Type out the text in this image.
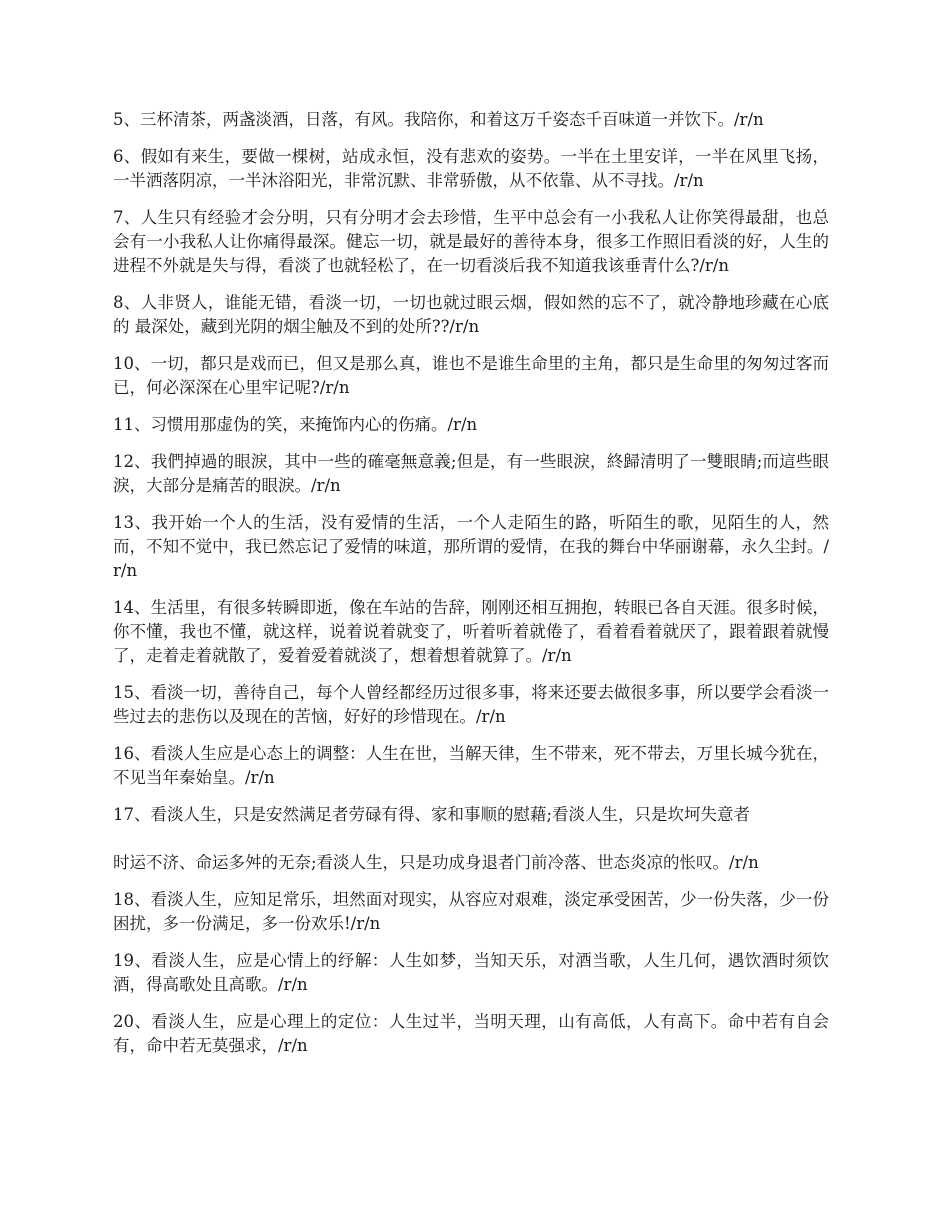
5、三杯清茶，两盏淡酒，日落，有风。我陪你，和着这万千姿态千百味道一并饮下。/r/n

6、假如有来生，要做一棵树，站成永恒，没有悲欢的姿势。一半在土里安详，一半在风里飞扬，一半洒落阴凉，一半沐浴阳光，非常沉默、非常骄傲，从不依靠、从不寻找。/r/n

7、人生只有经验才会分明，只有分明才会去珍惜，生平中总会有一小我私人让你笑得最甜，也总会有一小我私人让你痛得最深。健忘一切，就是最好的善待本身，很多工作照旧看淡的好，人生的进程不外就是失与得，看淡了也就轻松了，在一切看淡后我不知道我该垂青什么?/r/n

8、人非贤人，谁能无错，看淡一切，一切也就过眼云烟，假如然的忘不了，就冷静地珍藏在心底的 最深处，藏到光阴的烟尘触及不到的处所??/r/n

10、一切，都只是戏而已，但又是那么真，谁也不是谁生命里的主角，都只是生命里的匆匆过客而已，何必深深在心里牢记呢?/r/n

11、习惯用那虚伪的笑，来掩饰内心的伤痛。/r/n

12、我們掉過的眼淚，其中一些的確毫無意義;但是，有一些眼淚，終歸清明了一雙眼睛;而這些眼淚，大部分是痛苦的眼淚。/r/n

13、我开始一个人的生活，没有爱情的生活，一个人走陌生的路，听陌生的歌，见陌生的人，然而，不知不觉中，我已然忘记了爱情的味道，那所谓的爱情，在我的舞台中华丽谢幕，永久尘封。/r/n

14、生活里，有很多转瞬即逝，像在车站的告辞，刚刚还相互拥抱，转眼已各自天涯。很多时候，你不懂，我也不懂，就这样，说着说着就变了，听着听着就倦了，看着看着就厌了，跟着跟着就慢了，走着走着就散了，爱着爱着就淡了，想着想着就算了。/r/n

15、看淡一切，善待自己，每个人曾经都经历过很多事，将来还要去做很多事，所以要学会看淡一些过去的悲伤以及现在的苦恼，好好的珍惜现在。/r/n

16、看淡人生应是心态上的调整：人生在世，当解天律，生不带来，死不带去，万里长城今犹在，不见当年秦始皇。/r/n

17、看淡人生，只是安然满足者劳碌有得、家和事顺的慰藉;看淡人生，只是坎坷失意者

时运不济、命运多舛的无奈;看淡人生，只是功成身退者门前冷落、世态炎凉的怅叹。/r/n

18、看淡人生，应知足常乐，坦然面对现实，从容应对艰难，淡定承受困苦，少一份失落，少一份困扰，多一份满足，多一份欢乐!/r/n

19、看淡人生，应是心情上的纾解：人生如梦，当知天乐，对酒当歌，人生几何，遇饮酒时须饮酒，得高歌处且高歌。/r/n

20、看淡人生，应是心理上的定位：人生过半，当明天理，山有高低，人有高下。命中若有自会有，命中若无莫强求，/r/n
